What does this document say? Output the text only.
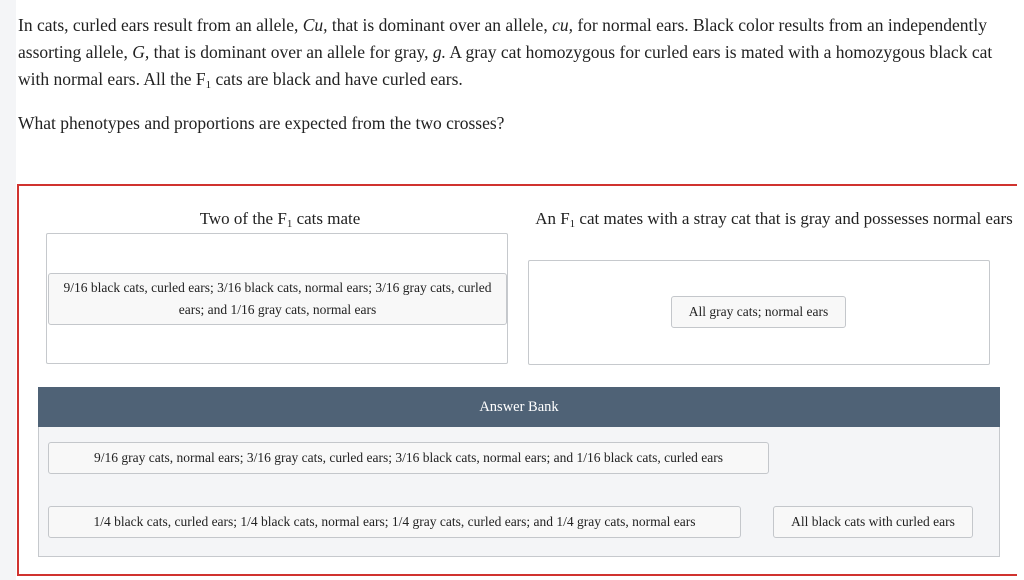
In cats, curled ears result from an allele, Cu, that is dominant over an allele, cu, for normal ears. Black color results from an independently assorting allele, G, that is dominant over an allele for gray, g. A gray cat homozygous for curled ears is mated with a homozygous black cat with normal ears. All the $F_1$ cats are black and have curled ears.

What phenotypes and proportions are expected from the two crosses?

Two of the $F_1$ cats mate	An $F_1$ cat mates with a stray cat that is gray and possesses normal ears
9/16 black cats, curled ears; 3/16 black cats, normal ears; 3/16 gray cats, curled ears; and 1/16 gray cats, normal ears	All gray cats; normal ears
Answer Bank
9/16 gray cats, normal ears; 3/16 gray cats, curled ears; 3/16 black cats, normal ears; and 1/16 black cats, curled ears
1/4 black cats, curled ears; 1/4 black cats, normal ears; 1/4 gray cats, curled ears; and 1/4 gray cats, normal ears	All black cats with curled ears
